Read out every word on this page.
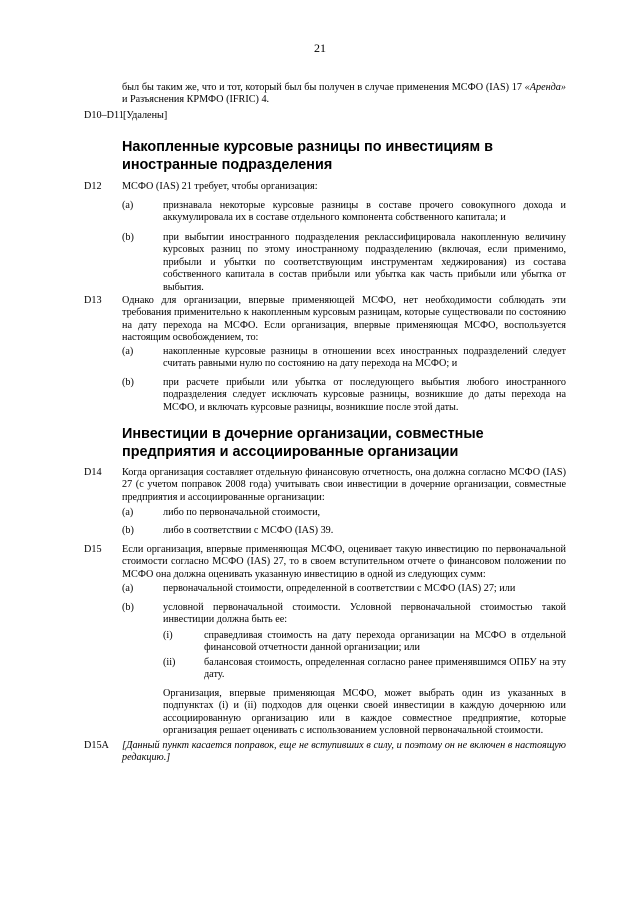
21
был бы таким же, что и тот, который был бы получен в случае применения МСФО (IAS) 17 «Аренда» и Разъяснения КРМФО (IFRIC) 4.
D10–D11 [Удалены]
Накопленные курсовые разницы по инвестициям в иностранные подразделения
D12 МСФО (IAS) 21 требует, чтобы организация:
(a)	признавала некоторые курсовые разницы в составе прочего совокупного дохода и аккумулировала их в составе отдельного компонента собственного капитала; и
(b)	при выбытии иностранного подразделения реклассифицировала накопленную величину курсовых разниц по этому иностранному подразделению (включая, если применимо, прибыли и убытки по соответствующим инструментам хеджирования) из состава собственного капитала в состав прибыли или убытка как часть прибыли или убытка от выбытия.
D13 Однако для организации, впервые применяющей МСФО, нет необходимости соблюдать эти требования применительно к накопленным курсовым разницам, которые существовали по состоянию на дату перехода на МСФО. Если организация, впервые применяющая МСФО, воспользуется настоящим освобождением, то:
(a)	накопленные курсовые разницы в отношении всех иностранных подразделений следует считать равными нулю по состоянию на дату перехода на МСФО; и
(b)	при расчете прибыли или убытка от последующего выбытия любого иностранного подразделения следует исключать курсовые разницы, возникшие до даты перехода на МСФО, и включать курсовые разницы, возникшие после этой даты.
Инвестиции в дочерние организации, совместные предприятия и ассоциированные организации
D14 Когда организация составляет отдельную финансовую отчетность, она должна согласно МСФО (IAS) 27 (с учетом поправок 2008 года) учитывать свои инвестиции в дочерние организации, совместные предприятия и ассоциированные организации:
(a)	либо по первоначальной стоимости,
(b)	либо в соответствии с МСФО (IAS) 39.
D15 Если организация, впервые применяющая МСФО, оценивает такую инвестицию по первоначальной стоимости согласно МСФО (IAS) 27, то в своем вступительном отчете о финансовом положении по МСФО она должна оценивать указанную инвестицию в одной из следующих сумм:
(a)	первоначальной стоимости, определенной в соответствии с МСФО (IAS) 27; или
(b)	условной первоначальной стоимости. Условной первоначальной стоимостью такой инвестиции должна быть ее:
(i)	справедливая стоимость на дату перехода организации на МСФО в отдельной финансовой отчетности данной организации; или
(ii)	балансовая стоимость, определенная согласно ранее применявшимся ОПБУ на эту дату.
Организация, впервые применяющая МСФО, может выбрать один из указанных в подпунктах (i) и (ii) подходов для оценки своей инвестиции в каждую дочернюю или ассоциированную организацию или в каждое совместное предприятие, которые организация решает оценивать с использованием условной первоначальной стоимости.
D15A [Данный пункт касается поправок, еще не вступивших в силу, и поэтому он не включен в настоящую редакцию.]
